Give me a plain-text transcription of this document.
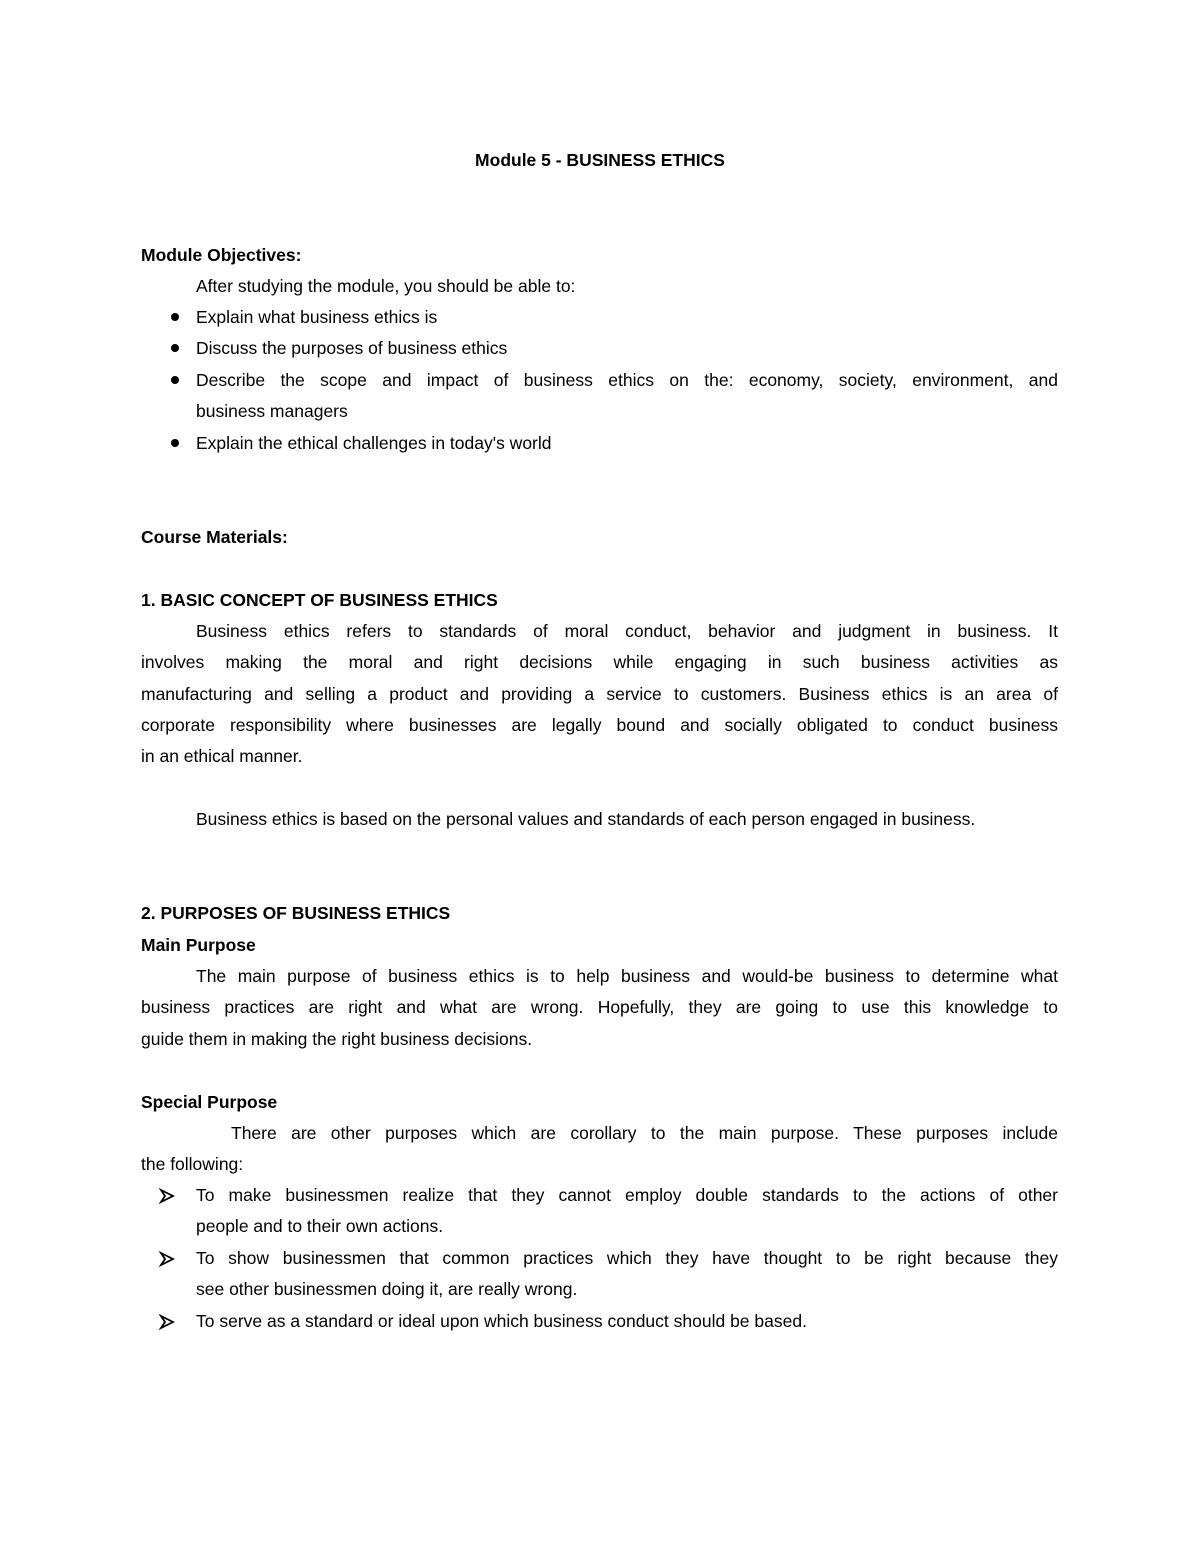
Module 5 - BUSINESS ETHICS
Module Objectives:
After studying the module, you should be able to:
Explain what business ethics is
Discuss the purposes of business ethics
Describe the scope and impact of business ethics on the: economy, society, environment, and
business managers
Explain the ethical challenges in today's world
Course Materials:
1. BASIC CONCEPT OF BUSINESS ETHICS
Business ethics refers to standards of moral conduct, behavior and judgment in business. It
involves making the moral and right decisions while engaging in such business activities as
manufacturing and selling a product and providing a service to customers. Business ethics is an area of
corporate responsibility where businesses are legally bound and socially obligated to conduct business
in an ethical manner.
Business ethics is based on the personal values and standards of each person engaged in business.
2. PURPOSES OF BUSINESS ETHICS
Main Purpose
The main purpose of business ethics is to help business and would-be business to determine what
business practices are right and what are wrong. Hopefully, they are going to use this knowledge to
guide them in making the right business decisions.
Special Purpose
There are other purposes which are corollary to the main purpose. These purposes include
the following:
To make businessmen realize that they cannot employ double standards to the actions of other
people and to their own actions.
To show businessmen that common practices which they have thought to be right because they
see other businessmen doing it, are really wrong.
To serve as a standard or ideal upon which business conduct should be based.
